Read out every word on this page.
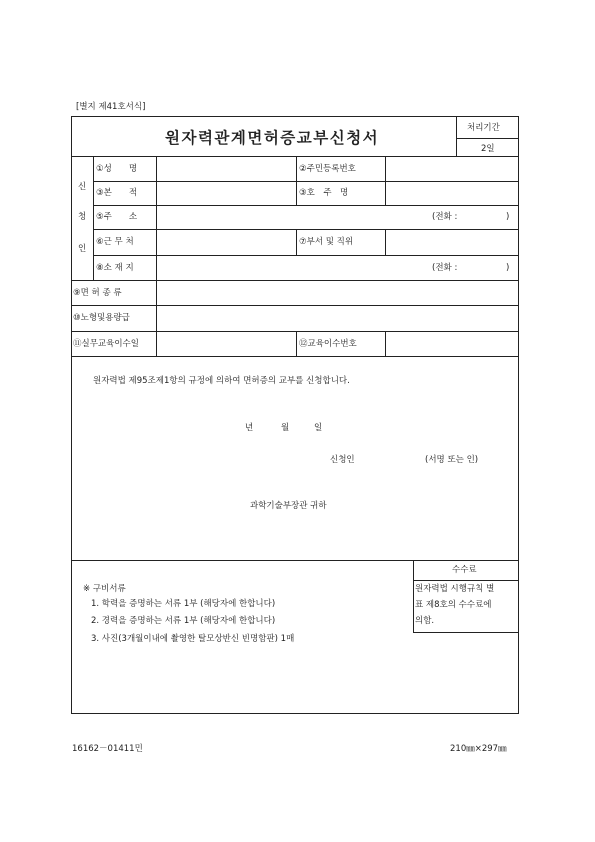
[별지 제41호서식]
원자력관계면허증교부신청서
처리기간
2일
신
청
인
①성　　명	②주민등록번호
③본　　적	③호　주　명
⑤주　　소	(전화 :	)
⑥근 무 처	⑦부서 및 직위
⑧소 재 지	(전화 :	)
⑨면 허 종 류
⑩노형및용량급
⑪실무교육이수일	⑫교육이수번호
원자력법 제95조제1항의 규정에 의하여 면허증의 교부를 신청합니다.
년	월	일
신청인	(서명 또는 인)
과학기술부장관 귀하
※ 구비서류
1. 학력을 증명하는 서류 1부 (해당자에 한합니다)
2. 경력을 증명하는 서류 1부 (해당자에 한합니다)
3. 사진(3개월이내에 촬영한 탈모상반신 빈명함판) 1매
수수료
원자력법 시행규칙 별
표 제8호의 수수료에
의함.
16162－01411민	210㎜×297㎜
